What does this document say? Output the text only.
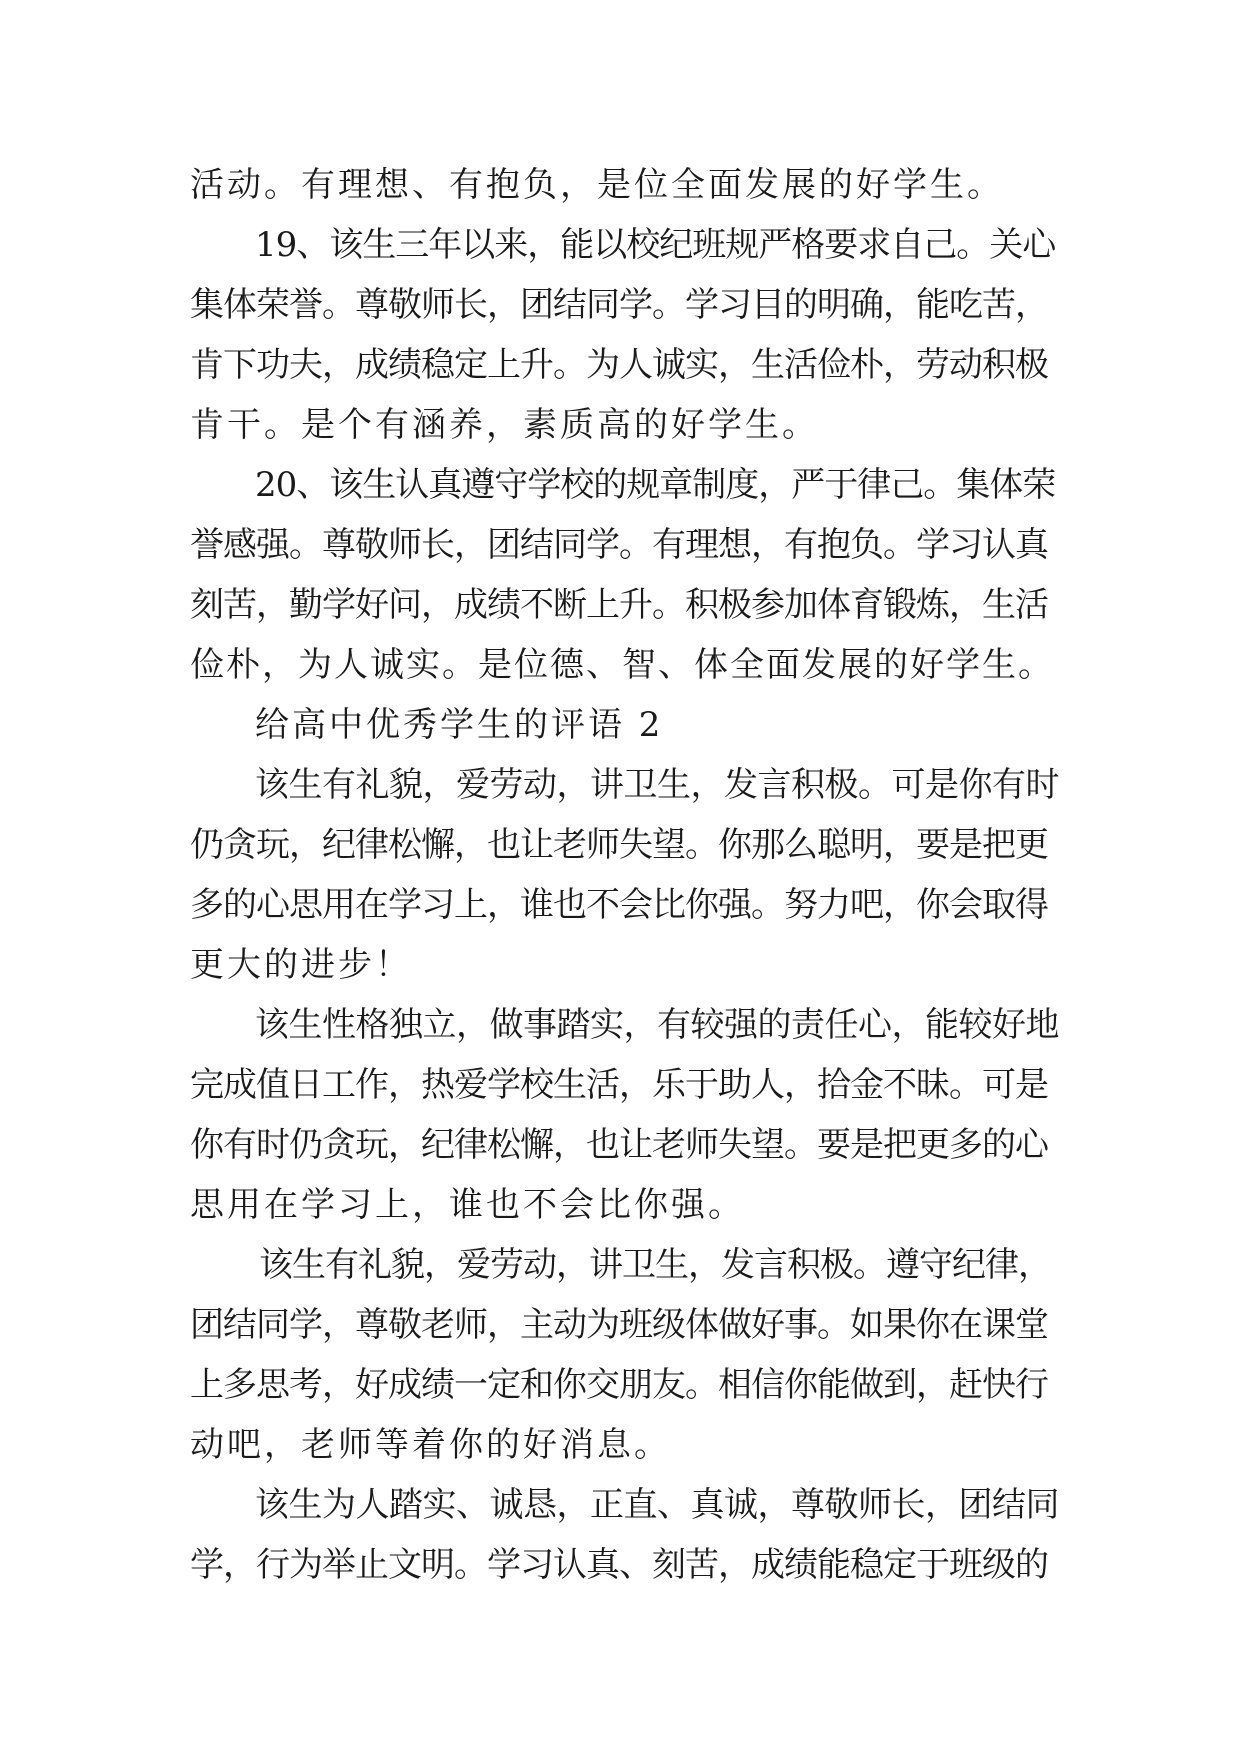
活动。有理想、有抱负，是位全面发展的好学生。
19、该生三年以来，能以校纪班规严格要求自己。关心
集体荣誉。尊敬师长，团结同学。学习目的明确，能吃苦，
肯下功夫，成绩稳定上升。为人诚实，生活俭朴，劳动积极
肯干。是个有涵养，素质高的好学生。
20、该生认真遵守学校的规章制度，严于律己。集体荣
誉感强。尊敬师长，团结同学。有理想，有抱负。学习认真
刻苦，勤学好问，成绩不断上升。积极参加体育锻炼，生活
俭朴，为人诚实。是位德、智、体全面发展的好学生。
给高中优秀学生的评语 2
该生有礼貌，爱劳动，讲卫生，发言积极。可是你有时
仍贪玩，纪律松懈，也让老师失望。你那么聪明，要是把更
多的心思用在学习上，谁也不会比你强。努力吧，你会取得
更大的进步！
该生性格独立，做事踏实，有较强的责任心，能较好地
完成值日工作，热爱学校生活，乐于助人，拾金不昧。可是
你有时仍贪玩，纪律松懈，也让老师失望。要是把更多的心
思用在学习上，谁也不会比你强。
该生有礼貌，爱劳动，讲卫生，发言积极。遵守纪律，
团结同学，尊敬老师，主动为班级体做好事。如果你在课堂
上多思考，好成绩一定和你交朋友。相信你能做到，赶快行
动吧，老师等着你的好消息。
该生为人踏实、诚恳，正直、真诚，尊敬师长，团结同
学，行为举止文明。学习认真、刻苦，成绩能稳定于班级的
